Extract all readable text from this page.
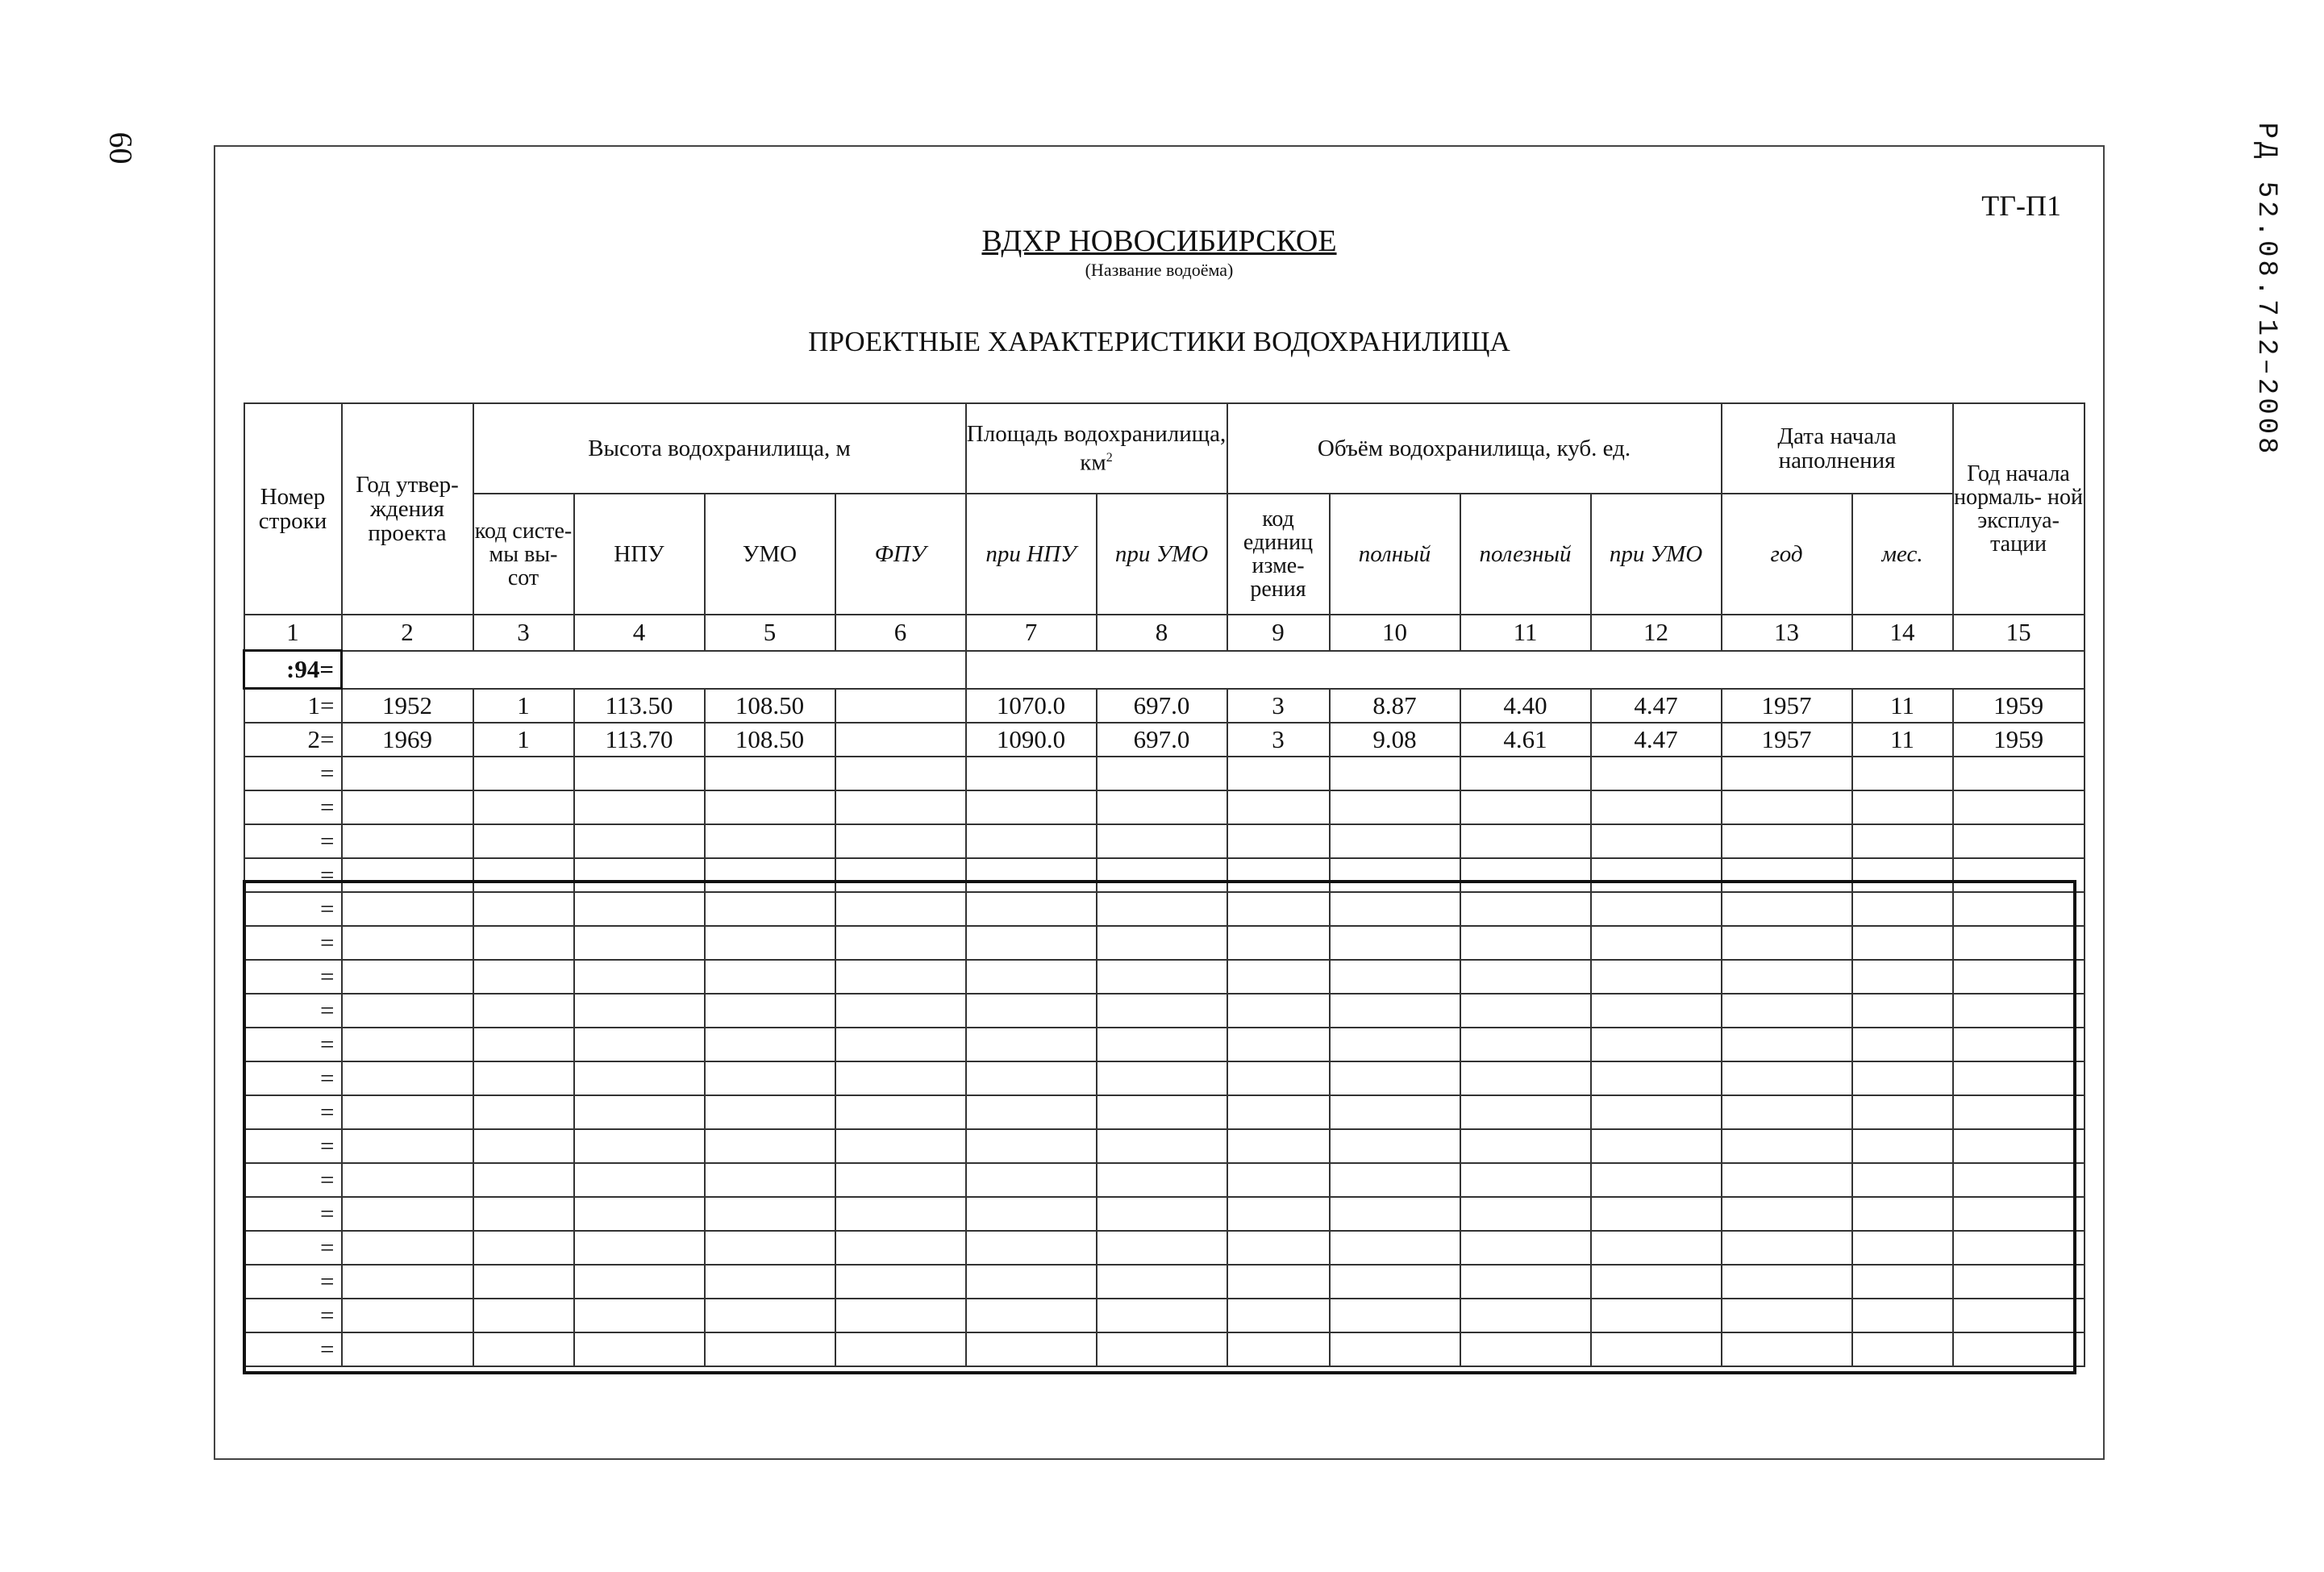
60	РД 52.08.712–2008
ТГ-П1
ВДХР НОВОСИБИРСКОЕ
(Название водоёма)
ПРОЕКТНЫЕ ХАРАКТЕРИСТИКИ ВОДОХРАНИЛИЩА
Номер строки	Год утвер- ждения проекта	Высота водохранилища, м				Площадь водохранилища, $км^2$		Объём водохранилища, куб. ед.				Дата начала наполнения		Год начала нормаль- ной эксплуа- тации
		код систе- мы вы- сот	НПУ	УМО	ФПУ	при НПУ	при УМО	код единиц изме- рения	полный	полезный	при УМО	год	мес.	
1	2	3	4	5	6	7	8	9	10	11	12	13	14	15
:94=														
1=	1952	1	113.50	108.50		1070.0	697.0	3	8.87	4.40	4.47	1957	11	1959
2=	1969	1	113.70	108.50		1090.0	697.0	3	9.08	4.61	4.47	1957	11	1959
=														
=														
=														
=														
=														
=														
=														
=														
=														
=														
=														
=														
=														
=														
=														
=														
=														
=														
